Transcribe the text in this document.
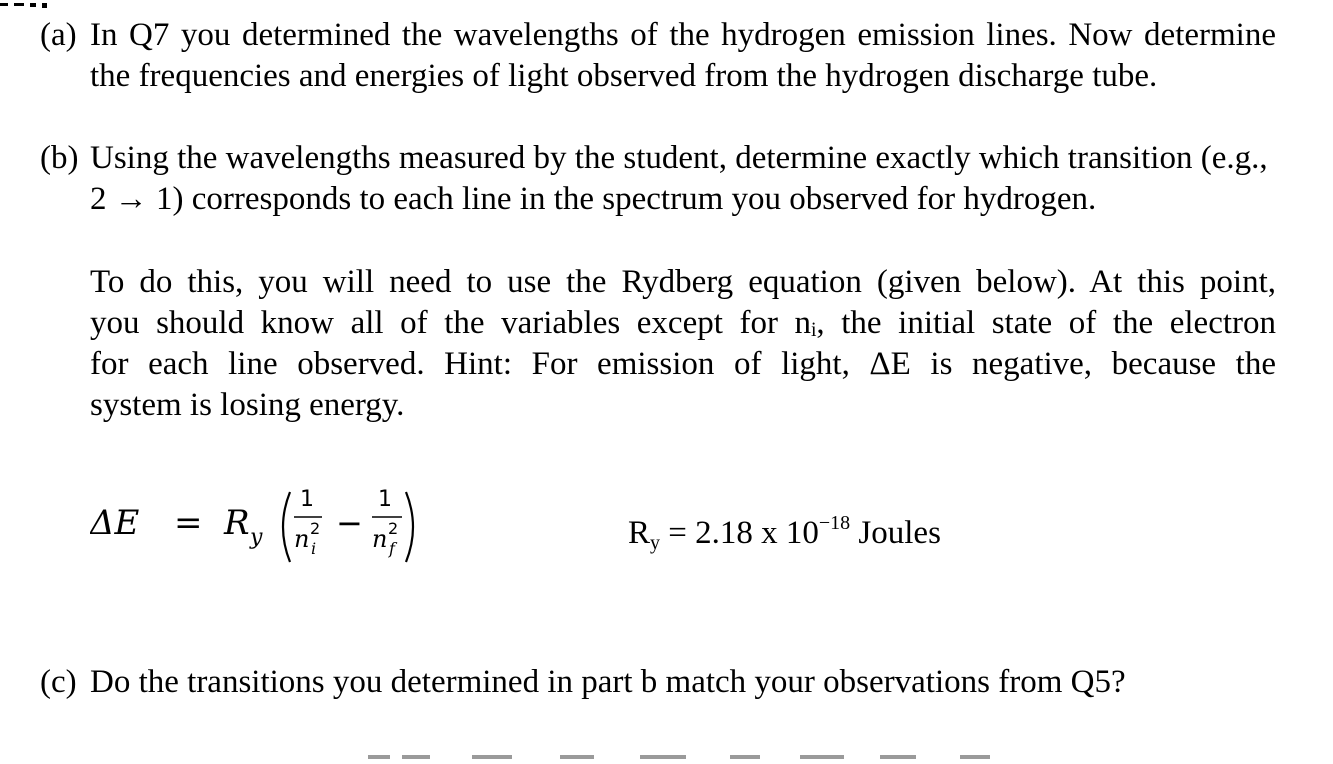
(a) In Q7 you determined the wavelengths of the hydrogen emission lines. Now determine the frequencies and energies of light observed from the hydrogen discharge tube.
(b) Using the wavelengths measured by the student, determine exactly which transition (e.g., 2 → 1) corresponds to each line in the spectrum you observed for hydrogen.
To do this, you will need to use the Rydberg equation (given below). At this point,
you should know all of the variables except for nᵢ, the initial state of the electron
for each line observed. Hint: For emission of light, ΔE is negative, because the
system is losing energy.
ΔE = R y
1
n 2
i
−
1
n 2
f	$R_y = 2.18$ x $10^{-18}$ Joules
(c) Do the transitions you determined in part b match your observations from Q5?
